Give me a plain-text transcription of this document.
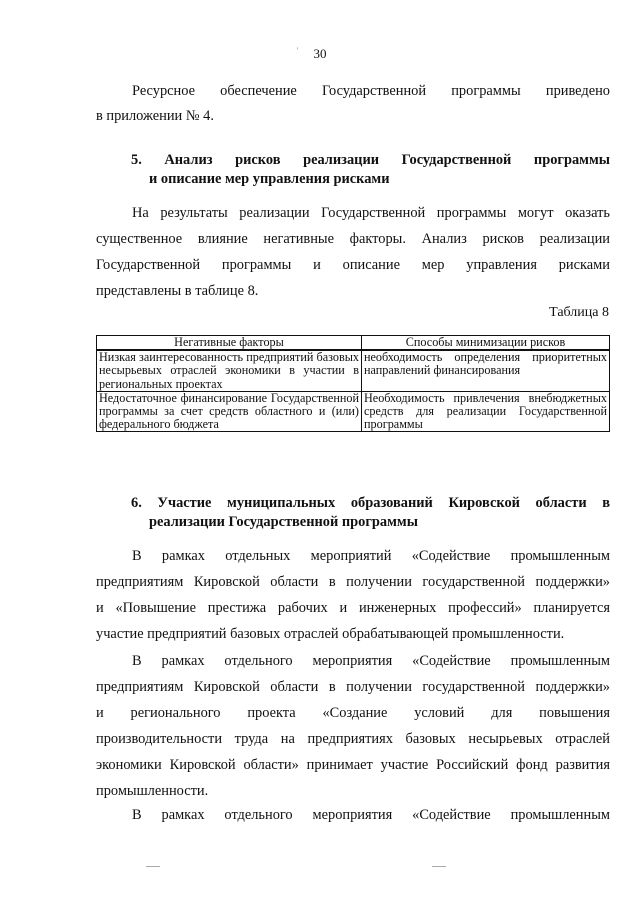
'	30
Ресурсное обеспечение Государственной программы приведено
в приложении № 4.
5. Анализ рисков реализации Государственной программы
и описание мер управления рисками
На результаты реализации Государственной программы могут оказать
существенное влияние негативные факторы. Анализ рисков реализации
Государственной программы и описание мер управления рисками
представлены в таблице 8.
Таблица 8
Негативные факторы	Способы минимизации рисков
Низкая заинтересованность предприятий базовых несырьевых отраслей экономики в участии в региональных проектах	необходимость определения приоритетных направлений финансирования
Недостаточное финансирование Государственной программы за счет средств областного и (или) федерального бюджета	Необходимость привлечения внебюджетных средств для реализации Государственной программы
6. Участие муниципальных образований Кировской области в
реализации Государственной программы
В рамках отдельных мероприятий «Содействие промышленным
предприятиям Кировской области в получении государственной поддержки»
и «Повышение престижа рабочих и инженерных профессий» планируется
участие предприятий базовых отраслей обрабатывающей промышленности.
В рамках отдельного мероприятия «Содействие промышленным
предприятиям Кировской области в получении государственной поддержки»
и регионального проекта «Создание условий для повышения
производительности труда на предприятиях базовых несырьевых отраслей
экономики Кировской области» принимает участие Российский фонд развития
промышленности.
В рамках отдельного мероприятия «Содействие промышленным
